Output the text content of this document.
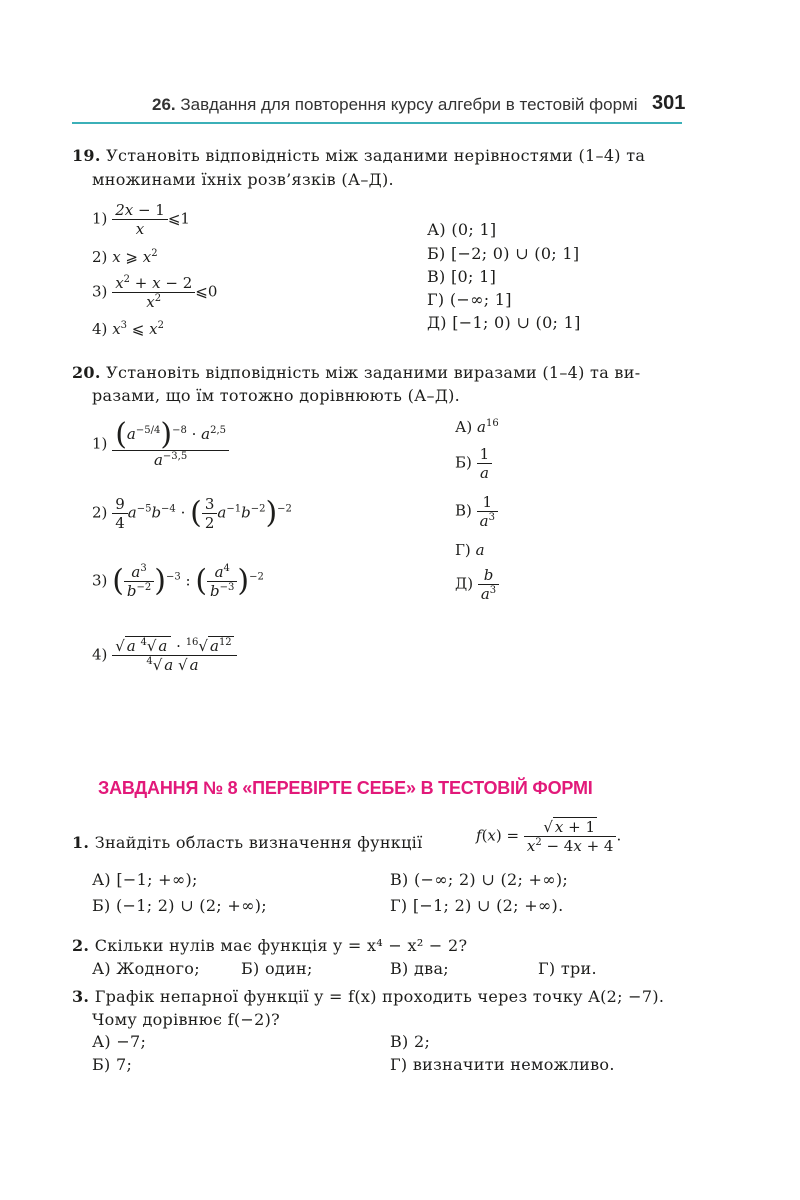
26. Завдання для повторення курсу алгебри в тестовій формі 301
19. Установіть відповідність між заданими нерівностями (1–4) та
множинами їхніх розв’язків (А–Д).
$1) \frac{2x - 1}{x}$ ⩽1
2) x ⩾ $x^2$
$3) \frac{x^2 + x - 2}{x^2}$ ⩽0
4) $x^3$ ⩽ $x^2$
А) (0; 1]
Б) [−2; 0) ∪ (0; 1]
В) [0; 1]
Г) (−∞; 1]
Д) [−1; 0) ∪ (0; 1]
20. Установіть відповідність між заданими виразами (1–4) та ви-
разами, що їм тотожно дорівнюють (А–Д).
$1) \frac{(a^{-5/4})^{-8} \cdot a^{2,5}}{a^{-3,5}}$
$2) \frac{9}{4} a^{-5}b^{-4}$ · ( $\frac{3}{2} a^{-1}b^{-2})^{-2}$
3) ( $\frac{a^3}{b^{-2}} )^{-3}$ : ( $\frac{a^4}{b^{-3}} )^{-2}$
$4) \frac{√ a ^4√ a \cdot ^{16}√ a^{12}}{^4√ a √ a}$
А) $a^{16}$
$Б) \frac{1}{a}$
$В) \frac{1}{a^3}$
Г) a
$Д) \frac{b}{a^3}$
ЗАВДАННЯ № 8 «ПЕРЕВІРТЕ СЕБЕ» В ТЕСТОВІЙ ФОРМІ
1. Знайдіть область визначення функції	$f(x) = \frac{√ x + 1}{x^2 - 4x + 4}$ .
А) [−1; +∞);	В) (−∞; 2) ∪ (2; +∞);
Б) (−1; 2) ∪ (2; +∞);	Г) [−1; 2) ∪ (2; +∞).
2. Скільки нулів має функція y = x⁴ − x² − 2?
А) Жодного;	Б) один;	В) два;	Г) три.
3. Графік непарної функції y = f(x) проходить через точку A(2; −7).
Чому дорівнює f(−2)?
А) −7;	В) 2;
Б) 7;	Г) визначити неможливо.
